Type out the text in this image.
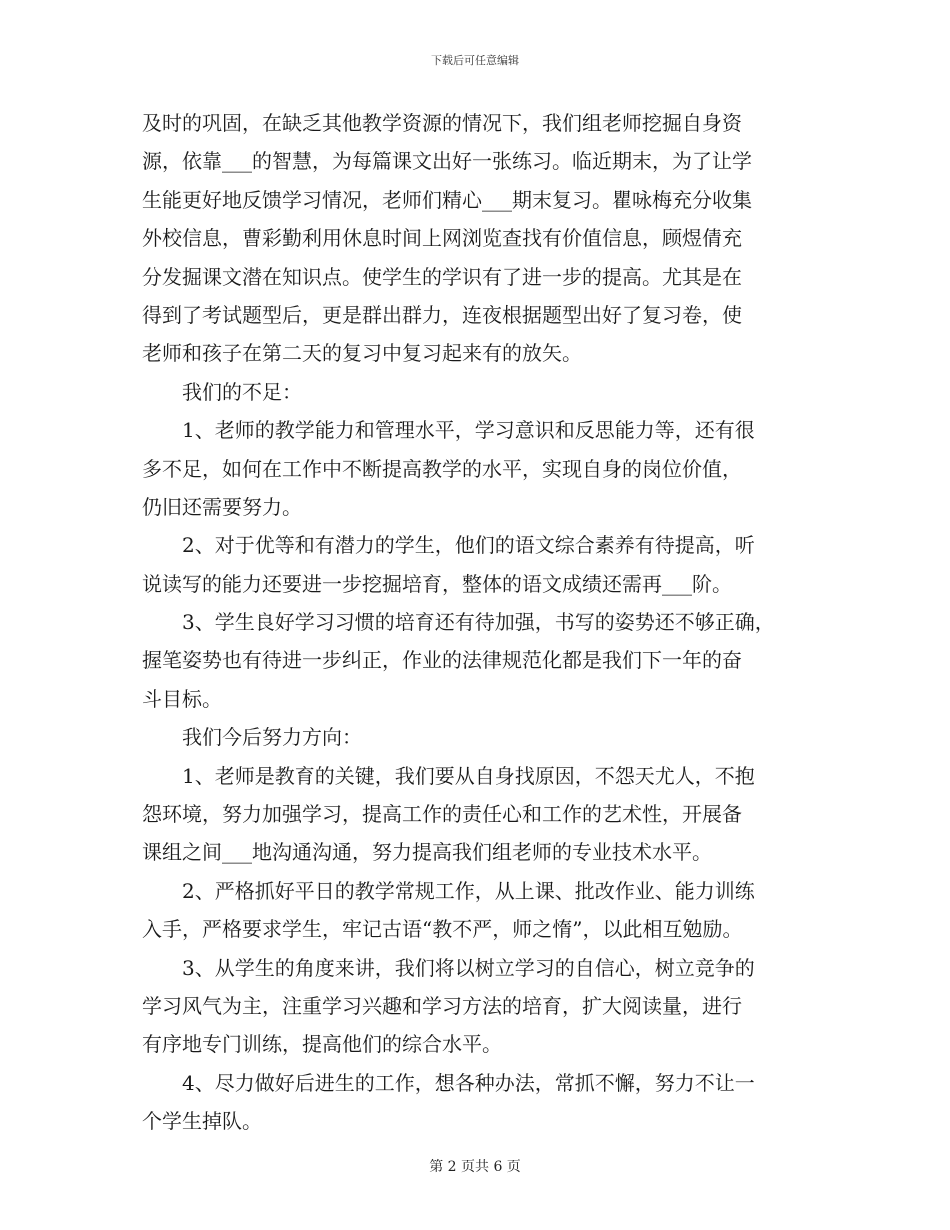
下载后可任意编辑
及时的巩固，在缺乏其他教学资源的情况下，我们组老师挖掘自身资
源，依靠___的智慧，为每篇课文出好一张练习。临近期末，为了让学
生能更好地反馈学习情况，老师们精心___期末复习。瞿咏梅充分收集
外校信息，曹彩勤利用休息时间上网浏览查找有价值信息，顾煜倩充
分发掘课文潜在知识点。使学生的学识有了进一步的提高。尤其是在
得到了考试题型后，更是群出群力，连夜根据题型出好了复习卷，使
老师和孩子在第二天的复习中复习起来有的放矢。
我们的不足：
1、老师的教学能力和管理水平，学习意识和反思能力等，还有很
多不足，如何在工作中不断提高教学的水平，实现自身的岗位价值，
仍旧还需要努力。
2、对于优等和有潜力的学生，他们的语文综合素养有待提高，听
说读写的能力还要进一步挖掘培育，整体的语文成绩还需再___阶。
3、学生良好学习习惯的培育还有待加强，书写的姿势还不够正确，
握笔姿势也有待进一步纠正，作业的法律规范化都是我们下一年的奋
斗目标。
我们今后努力方向：
1、老师是教育的关键，我们要从自身找原因，不怨天尤人，不抱
怨环境，努力加强学习，提高工作的责任心和工作的艺术性，开展备
课组之间___地沟通沟通，努力提高我们组老师的专业技术水平。
2、严格抓好平日的教学常规工作，从上课、批改作业、能力训练
入手，严格要求学生，牢记古语“教不严，师之惰”，以此相互勉励。
3、从学生的角度来讲，我们将以树立学习的自信心，树立竞争的
学习风气为主，注重学习兴趣和学习方法的培育，扩大阅读量，进行
有序地专门训练，提高他们的综合水平。
4、尽力做好后进生的工作，想各种办法，常抓不懈，努力不让一
个学生掉队。
第 2 页共 6 页
